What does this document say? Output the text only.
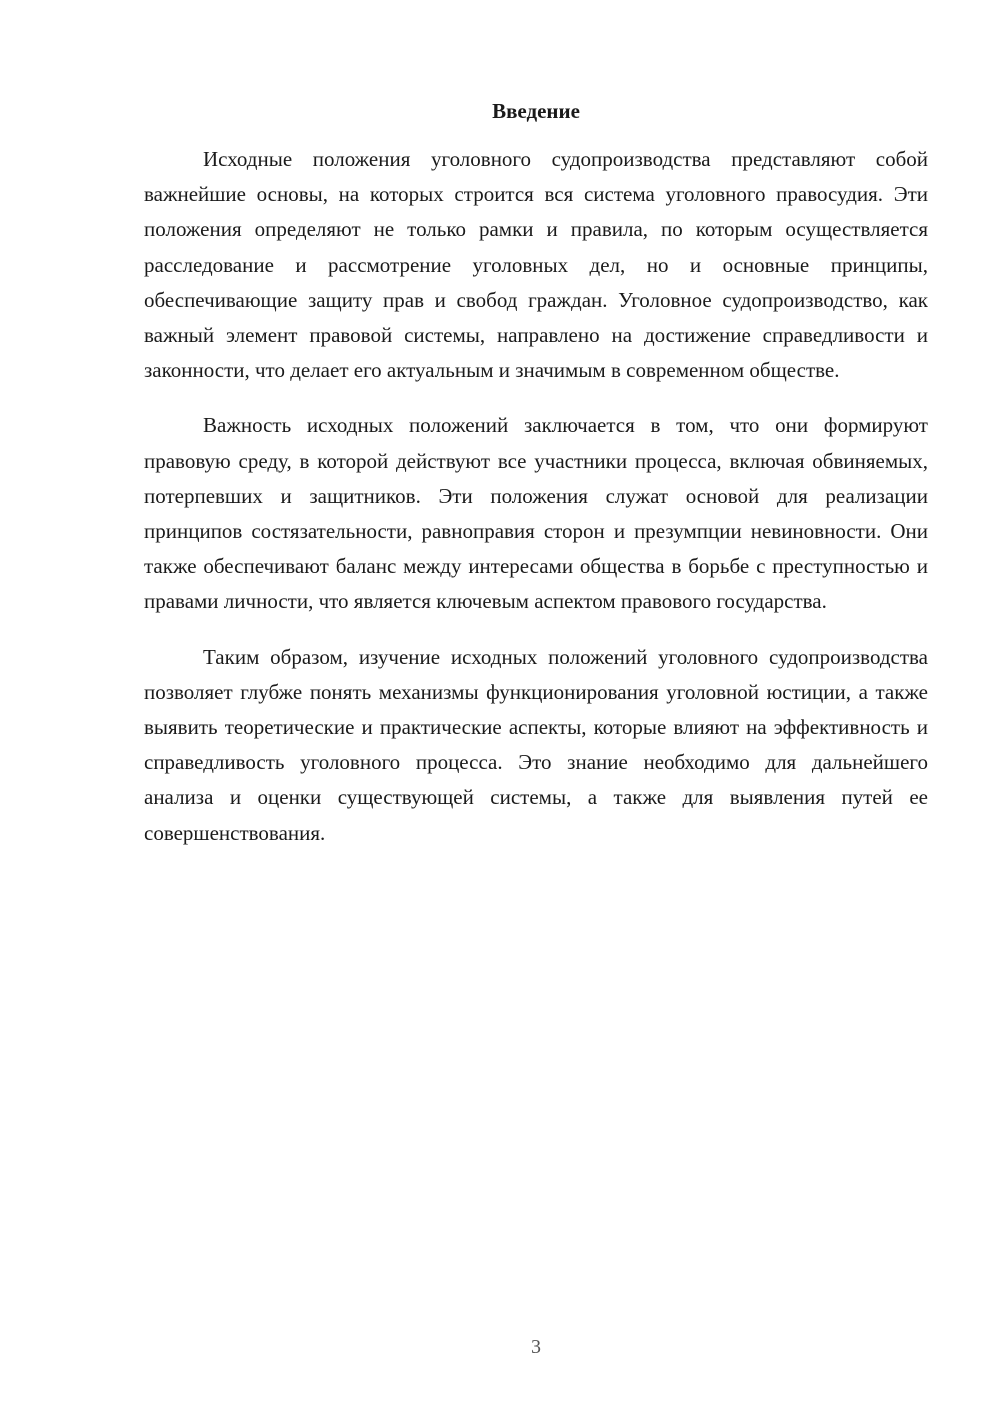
Введение

Исходные положения уголовного судопроизводства представляют собой важнейшие основы, на которых строится вся система уголовного правосудия. Эти положения определяют не только рамки и правила, по которым осуществляется расследование и рассмотрение уголовных дел, но и основные принципы, обеспечивающие защиту прав и свобод граждан. Уголовное судопроизводство, как важный элемент правовой системы, направлено на достижение справедливости и законности, что делает его актуальным и значимым в современном обществе.

Важность исходных положений заключается в том, что они формируют правовую среду, в которой действуют все участники процесса, включая обвиняемых, потерпевших и защитников. Эти положения служат основой для реализации принципов состязательности, равноправия сторон и презумпции невиновности. Они также обеспечивают баланс между интересами общества в борьбе с преступностью и правами личности, что является ключевым аспектом правового государства.

Таким образом, изучение исходных положений уголовного судопроизводства позволяет глубже понять механизмы функционирования уголовной юстиции, а также выявить теоретические и практические аспекты, которые влияют на эффективность и справедливость уголовного процесса. Это знание необходимо для дальнейшего анализа и оценки существующей системы, а также для выявления путей ее совершенствования.

3
